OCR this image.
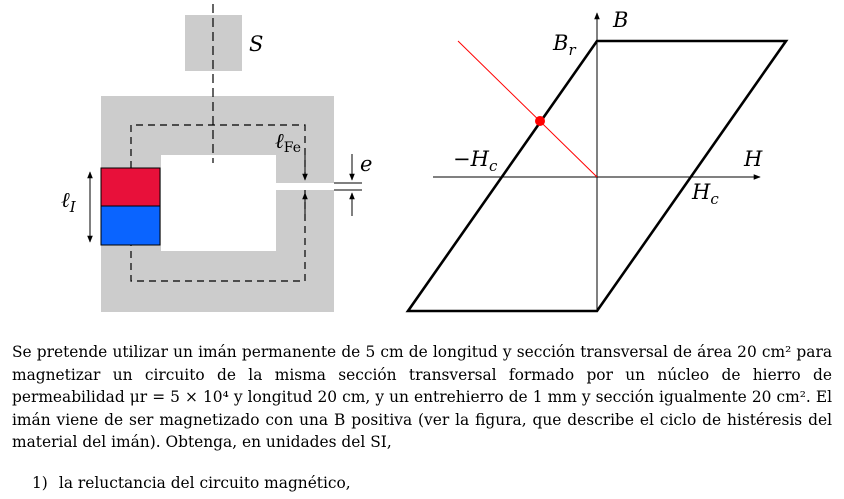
S
ℓFe
e
ℓ$_I$
B
H
$B_r$
$-H_c$
$H_c$

Se pretende utilizar un imán permanente de 5 cm de longitud y sección transversal de área 20 cm² para magnetizar un circuito de la misma sección transversal formado por un núcleo de hierro de permeabilidad μr = 5 × 10⁴ y longitud 20 cm, y un entrehierro de 1 mm y sección igualmente 20 cm². El imán viene de ser magnetizado con una B positiva (ver la figura, que describe el ciclo de histéresis del material del imán). Obtenga, en unidades del SI,

1) la reluctancia del circuito magnético,
